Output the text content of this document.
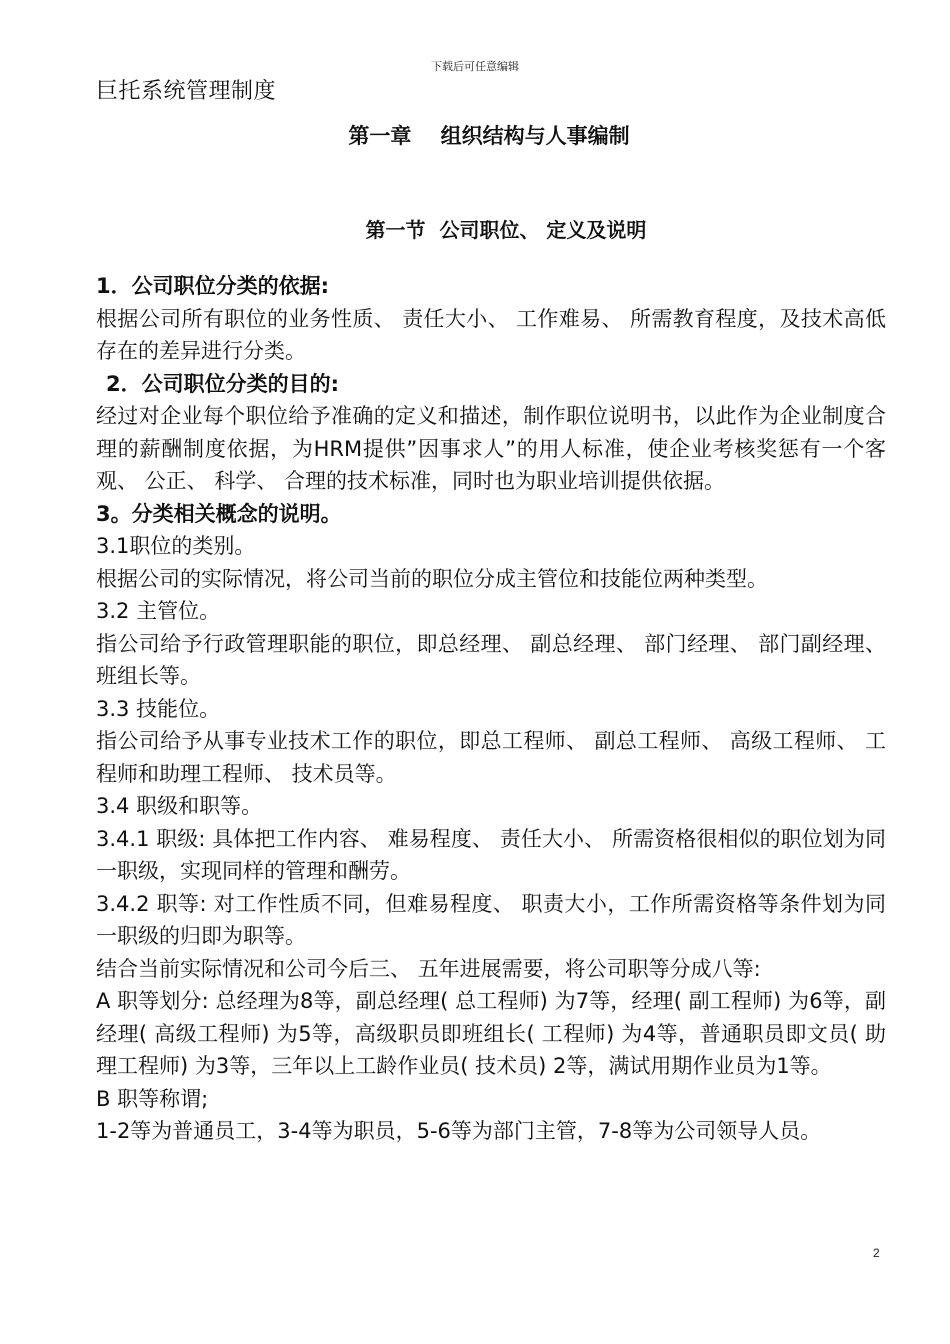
下载后可任意编辑
巨托系统管理制度
第一章    组织结构与人事编制
第一节  公司职位、 定义及说明

1．公司职位分类的依据:

根据公司所有职位的业务性质、 责任大小、 工作难易、 所需教育程度，及技术高低存在的差异进行分类。

2．公司职位分类的目的:

经过对企业每个职位给予准确的定义和描述，制作职位说明书，以此作为企业制度合理的薪酬制度依据，为HRM提供”因事求人”的用人标准，使企业考核奖惩有一个客观、 公正、 科学、 合理的技术标准，同时也为职业培训提供依据。

3。分类相关概念的说明。

3.1职位的类别。

根据公司的实际情况，将公司当前的职位分成主管位和技能位两种类型。

3.2 主管位。

指公司给予行政管理职能的职位，即总经理、 副总经理、 部门经理、 部门副经理、 班组长等。

3.3 技能位。

指公司给予从事专业技术工作的职位，即总工程师、 副总工程师、 高级工程师、 工程师和助理工程师、 技术员等。

3.4 职级和职等。

3.4.1 职级: 具体把工作内容、 难易程度、 责任大小、 所需资格很相似的职位划为同一职级，实现同样的管理和酬劳。

3.4.2 职等: 对工作性质不同，但难易程度、 职责大小，工作所需资格等条件划为同一职级的归即为职等。

结合当前实际情况和公司今后三、 五年进展需要，将公司职等分成八等:

A 职等划分: 总经理为8等，副总经理( 总工程师) 为7等，经理( 副工程师) 为6等，副经理( 高级工程师) 为5等，高级职员即班组长( 工程师) 为4等，普通职员即文员( 助理工程师) 为3等，三年以上工龄作业员( 技术员) 2等，满试用期作业员为1等。

B 职等称谓;

1-2等为普通员工，3-4等为职员，5-6等为部门主管，7-8等为公司领导人员。

2
